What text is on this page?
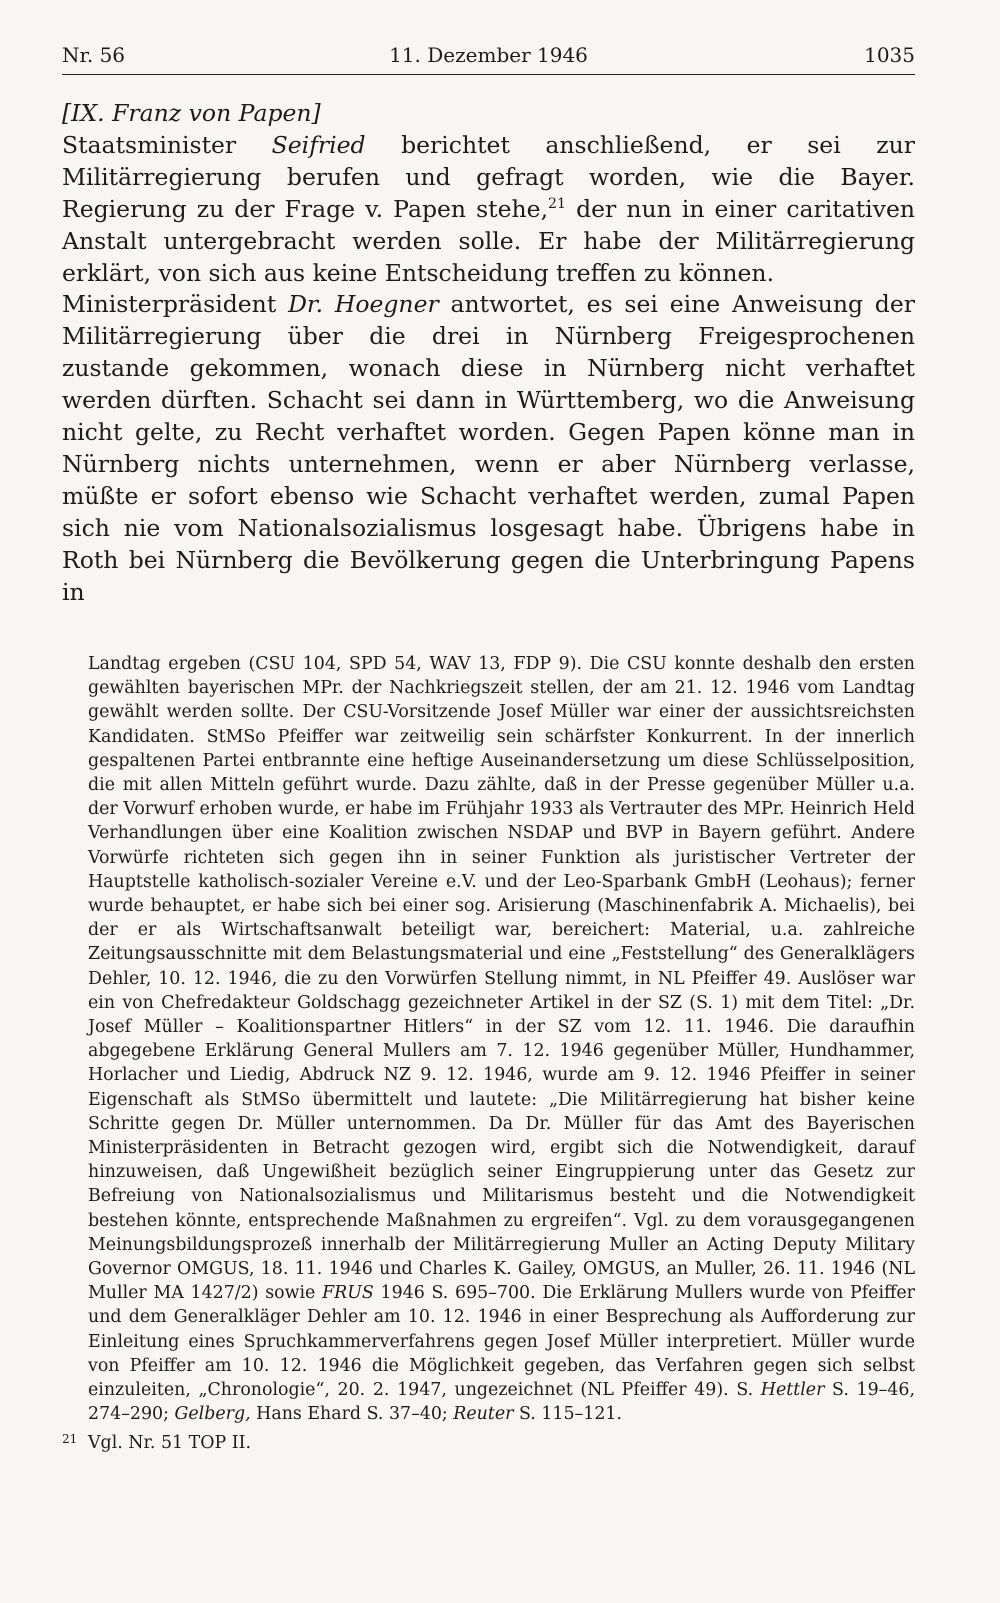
Nr. 56	11. Dezember 1946	1035

[IX. Franz von Papen]

Staatsminister Seifried berichtet anschließend, er sei zur Militärregierung berufen und gefragt worden, wie die Bayer. Regierung zu der Frage v. Papen stehe,$^{21}$ der nun in einer caritativen Anstalt untergebracht werden solle. Er habe der Militärregierung erklärt, von sich aus keine Entscheidung treffen zu können.

Ministerpräsident Dr. Hoegner antwortet, es sei eine Anweisung der Militärregierung über die drei in Nürnberg Freigesprochenen zustande gekommen, wonach diese in Nürnberg nicht verhaftet werden dürften. Schacht sei dann in Württemberg, wo die Anweisung nicht gelte, zu Recht verhaftet worden. Gegen Papen könne man in Nürnberg nichts unternehmen, wenn er aber Nürnberg verlasse, müßte er sofort ebenso wie Schacht verhaftet werden, zumal Papen sich nie vom Nationalsozialismus losgesagt habe. Übrigens habe in Roth bei Nürnberg die Bevölkerung gegen die Unterbringung Papens in

Landtag ergeben (CSU 104, SPD 54, WAV 13, FDP 9). Die CSU konnte deshalb den ersten gewählten bayerischen MPr. der Nachkriegszeit stellen, der am 21. 12. 1946 vom Landtag gewählt werden sollte. Der CSU-Vorsitzende Josef Müller war einer der aussichtsreichsten Kandidaten. StMSo Pfeiffer war zeitweilig sein schärfster Konkurrent. In der innerlich gespaltenen Partei entbrannte eine heftige Auseinandersetzung um diese Schlüsselposition, die mit allen Mitteln geführt wurde. Dazu zählte, daß in der Presse gegenüber Müller u.a. der Vorwurf erhoben wurde, er habe im Frühjahr 1933 als Vertrauter des MPr. Heinrich Held Verhandlungen über eine Koalition zwischen NSDAP und BVP in Bayern geführt. Andere Vorwürfe richteten sich gegen ihn in seiner Funktion als juristischer Vertreter der Hauptstelle katholisch-sozialer Vereine e.V. und der Leo-Sparbank GmbH (Leohaus); ferner wurde behauptet, er habe sich bei einer sog. Arisierung (Maschinenfabrik A. Michaelis), bei der er als Wirtschaftsanwalt beteiligt war, bereichert: Material, u.a. zahlreiche Zeitungsausschnitte mit dem Belastungsmaterial und eine „Feststellung“ des Generalklägers Dehler, 10. 12. 1946, die zu den Vorwürfen Stellung nimmt, in NL Pfeiffer 49. Auslöser war ein von Chefredakteur Goldschagg gezeichneter Artikel in der SZ (S. 1) mit dem Titel: „Dr. Josef Müller – Koalitionspartner Hitlers“ in der SZ vom 12. 11. 1946. Die daraufhin abgegebene Erklärung General Mullers am 7. 12. 1946 gegenüber Müller, Hundhammer, Horlacher und Liedig, Abdruck NZ 9. 12. 1946, wurde am 9. 12. 1946 Pfeiffer in seiner Eigenschaft als StMSo übermittelt und lautete: „Die Militärregierung hat bisher keine Schritte gegen Dr. Müller unternommen. Da Dr. Müller für das Amt des Bayerischen Ministerpräsidenten in Betracht gezogen wird, ergibt sich die Notwendigkeit, darauf hinzuweisen, daß Ungewißheit bezüglich seiner Eingruppierung unter das Gesetz zur Befreiung von Nationalsozialismus und Militarismus besteht und die Notwendigkeit bestehen könnte, entsprechende Maßnahmen zu ergreifen“. Vgl. zu dem vorausgegangenen Meinungsbildungsprozeß innerhalb der Militärregierung Muller an Acting Deputy Military Governor OMGUS, 18. 11. 1946 und Charles K. Gailey, OMGUS, an Muller, 26. 11. 1946 (NL Muller MA 1427/2) sowie FRUS 1946 S. 695–700. Die Erklärung Mullers wurde von Pfeiffer und dem Generalkläger Dehler am 10. 12. 1946 in einer Besprechung als Aufforderung zur Einleitung eines Spruchkammerverfahrens gegen Josef Müller interpretiert. Müller wurde von Pfeiffer am 10. 12. 1946 die Möglichkeit gegeben, das Verfahren gegen sich selbst einzuleiten, „Chronologie“, 20. 2. 1947, ungezeichnet (NL Pfeiffer 49). S. Hettler S. 19–46, 274–290; Gelberg, Hans Ehard S. 37–40; Reuter S. 115–121.

21 Vgl. Nr. 51 TOP II.
